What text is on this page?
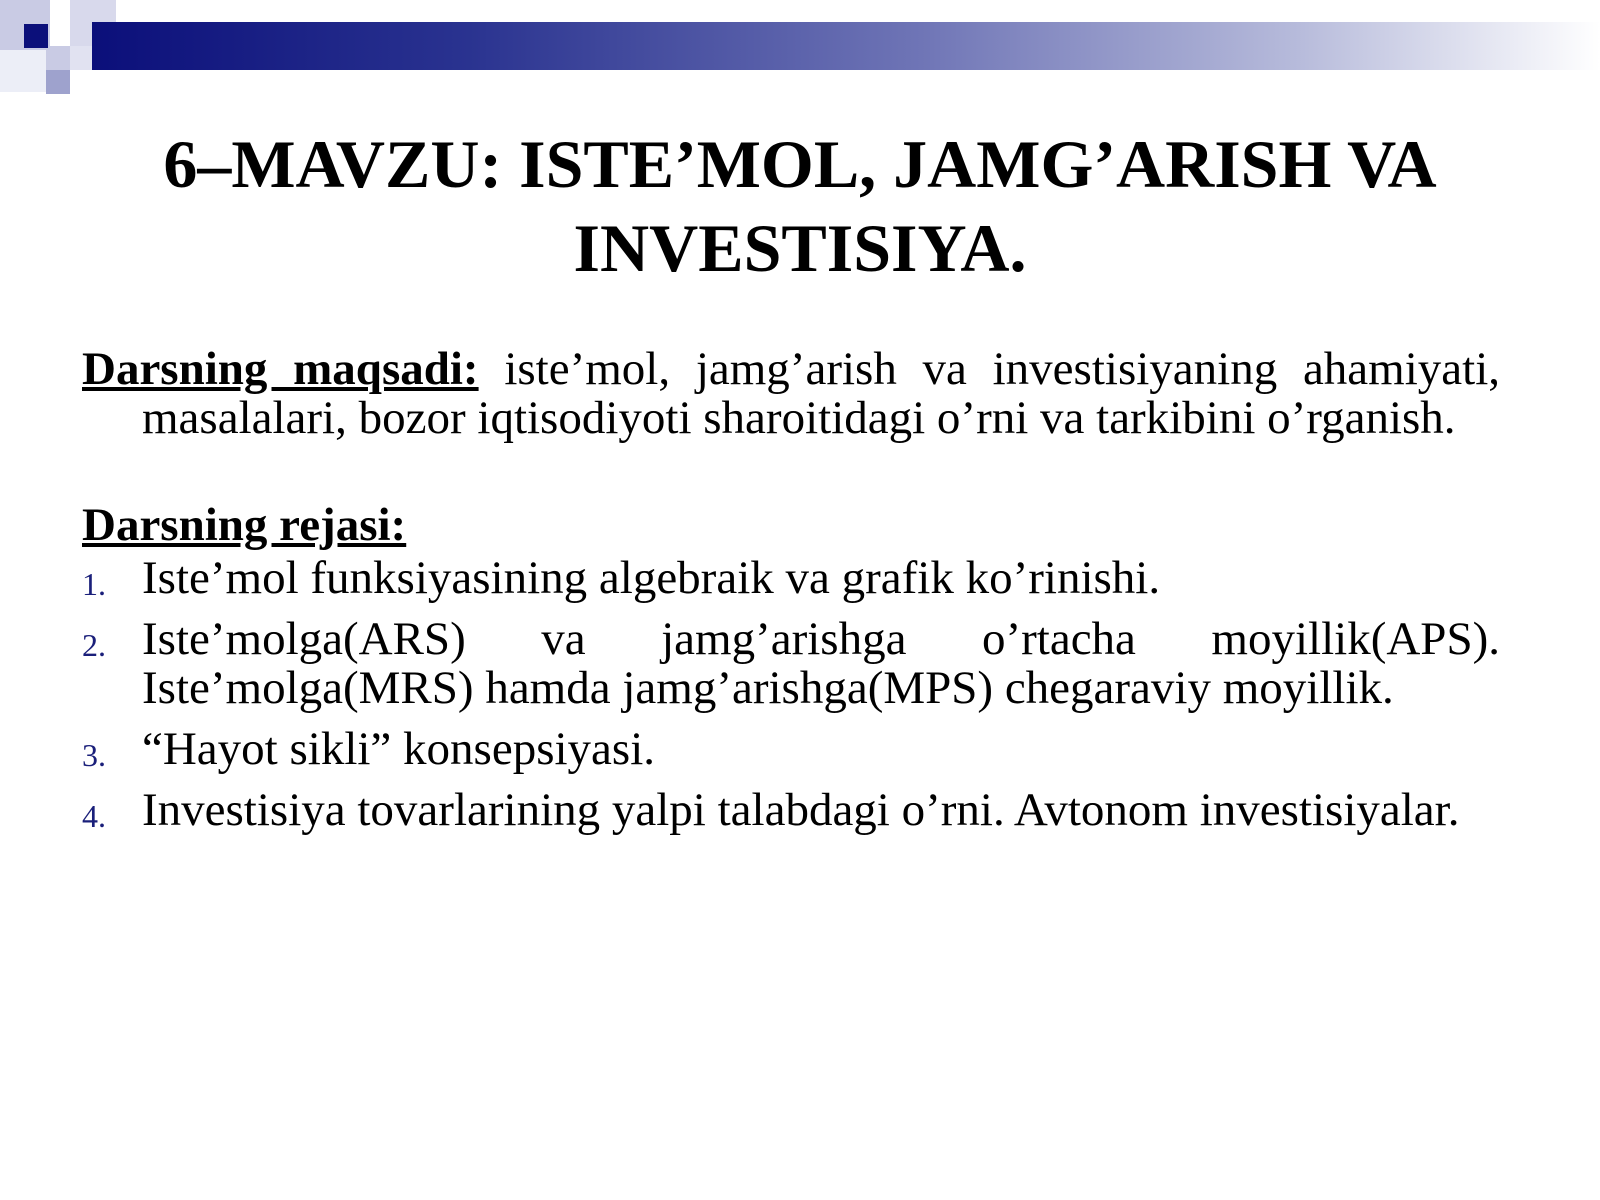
6–MAVZU: ISTE’MOL, JAMG’ARISH VA
INVESTISIYA.

Darsning maqsadi: iste’mol, jamg’arish va investisiyaning ahamiyati, masalalari, bozor iqtisodiyoti sharoitidagi o’rni va tarkibini o’rganish.

Darsning rejasi:
1. Iste’mol funksiyasining algebraik va grafik ko’rinishi.
2. Iste’molga(ARS) va jamg’arishga o’rtacha moyillik(APS). Iste’molga(MRS) hamda jamg’arishga(MPS) chegaraviy moyillik.
3. “Hayot sikli” konsepsiyasi.
4. Investisiya tovarlarining yalpi talabdagi o’rni. Avtonom investisiyalar.
